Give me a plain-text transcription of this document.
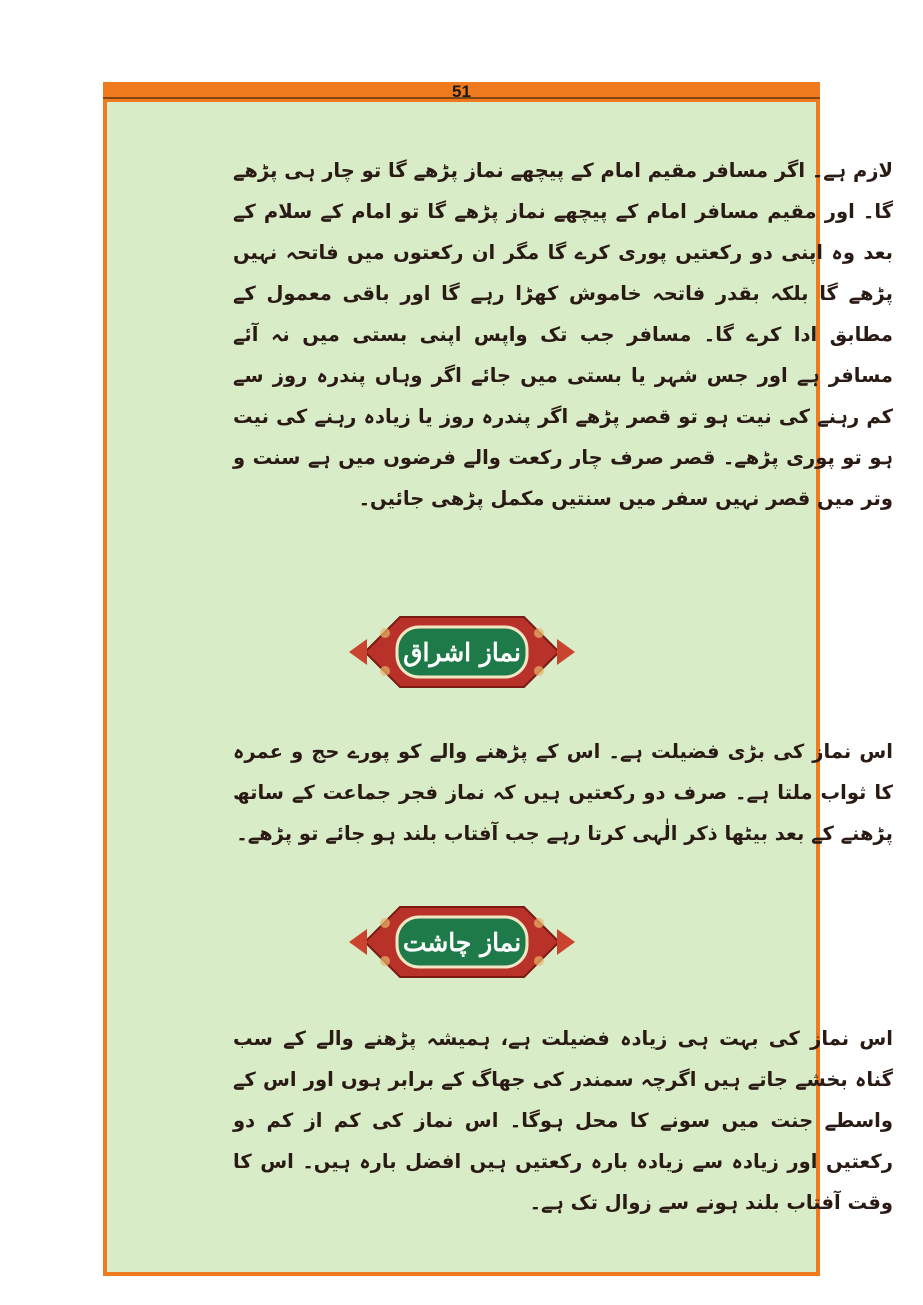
51
لازم ہے۔ اگر مسافر مقیم امام کے پیچھے نماز پڑھے گا تو چار ہی پڑھے گا۔ اور مقیم مسافر امام کے پیچھے نماز پڑھے گا تو امام کے سلام کے بعد وہ اپنی دو رکعتیں پوری کرے گا مگر ان رکعتوں میں فاتحہ نہیں پڑھے گا بلکہ بقدر فاتحہ خاموش کھڑا رہے گا اور باقی معمول کے مطابق ادا کرے گا۔ مسافر جب تک واپس اپنی بستی میں نہ آئے مسافر ہے اور جس شہر یا بستی میں جائے اگر وہاں پندرہ روز سے کم رہنے کی نیت ہو تو قصر پڑھے اگر پندرہ روز یا زیادہ رہنے کی نیت ہو تو پوری پڑھے۔ قصر صرف چار رکعت والے فرضوں میں ہے سنت و وتر میں قصر نہیں سفر میں سنتیں مکمل پڑھی جائیں۔
نماز اشراق
اس نماز کی بڑی فضیلت ہے۔ اس کے پڑھنے والے کو پورے حج و عمرہ کا ثواب ملتا ہے۔ صرف دو رکعتیں ہیں کہ نماز فجر جماعت کے ساتھ پڑھنے کے بعد بیٹھا ذکر الٰہی کرتا رہے جب آفتاب بلند ہو جائے تو پڑھے۔
نماز چاشت
اس نماز کی بہت ہی زیادہ فضیلت ہے، ہمیشہ پڑھنے والے کے سب گناہ بخشے جاتے ہیں اگرچہ سمندر کی جھاگ کے برابر ہوں اور اس کے واسطے جنت میں سونے کا محل ہوگا۔ اس نماز کی کم از کم دو رکعتیں اور زیادہ سے زیادہ بارہ رکعتیں ہیں افضل بارہ ہیں۔ اس کا وقت آفتاب بلند ہونے سے زوال تک ہے۔
